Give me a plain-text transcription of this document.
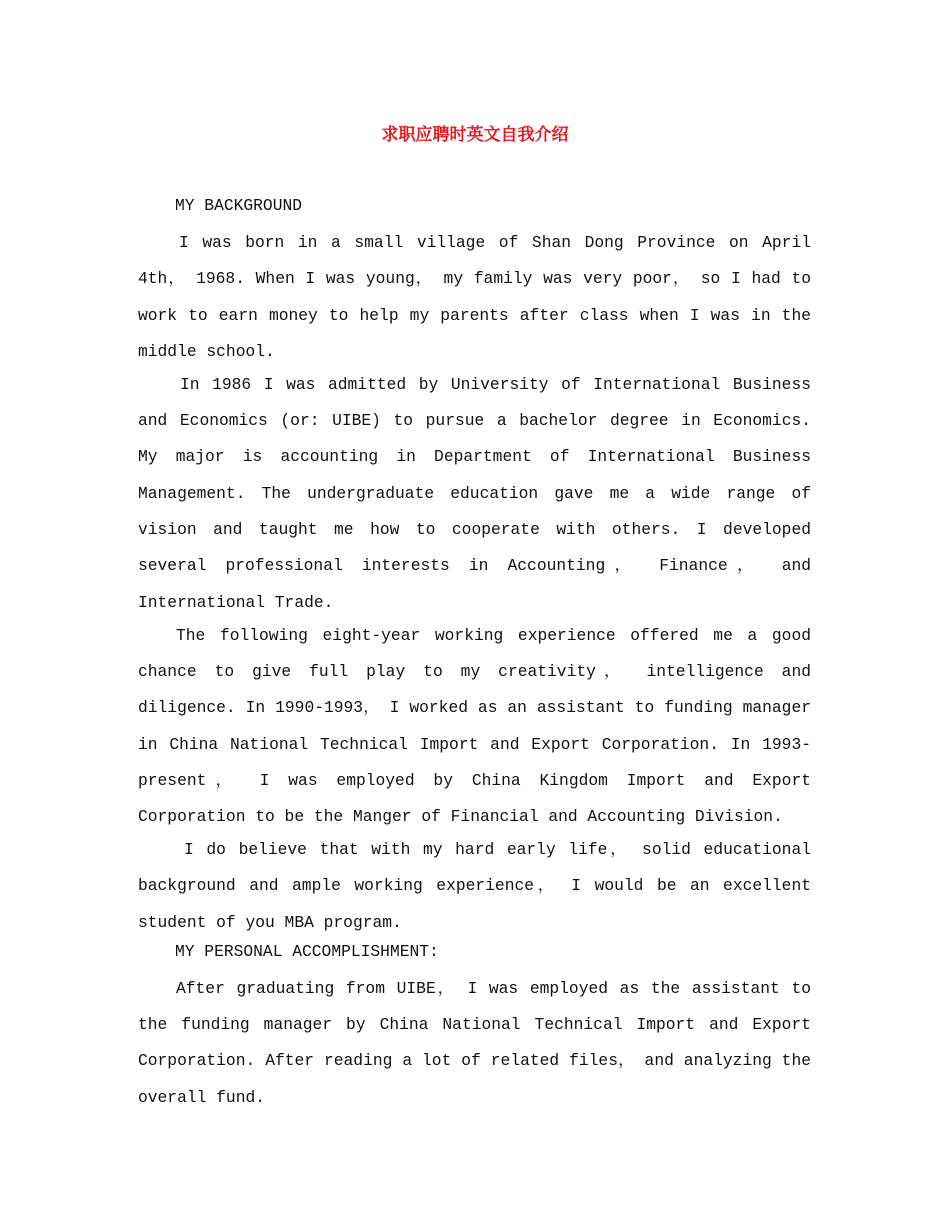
求职应聘时英文自我介绍
MY BACKGROUND

I was born in a small village of Shan Dong Province on April 4th， 1968. When I was young， my family was very poor， so I had to work to earn money to help my parents after class when I was in the middle school.

In 1986 I was admitted by University of International Business and Economics (or: UIBE) to pursue a bachelor degree in Economics. My major is accounting in Department of International Business Management. The undergraduate education gave me a wide range of vision and taught me how to cooperate with others. I developed several professional interests in Accounting， Finance， and International Trade.

The following eight-year working experience offered me a good chance to give full play to my creativity， intelligence and diligence. In 1990-1993， I worked as an assistant to funding manager in China National Technical Import and Export Corporation. In 1993-present， I was employed by China Kingdom Import and Export Corporation to be the Manger of Financial and Accounting Division.

I do believe that with my hard early life， solid educational background and ample working experience， I would be an excellent student of you MBA program.

MY PERSONAL ACCOMPLISHMENT:

After graduating from UIBE， I was employed as the assistant to the funding manager by China National Technical Import and Export Corporation. After reading a lot of related files， and analyzing the overall fund.
